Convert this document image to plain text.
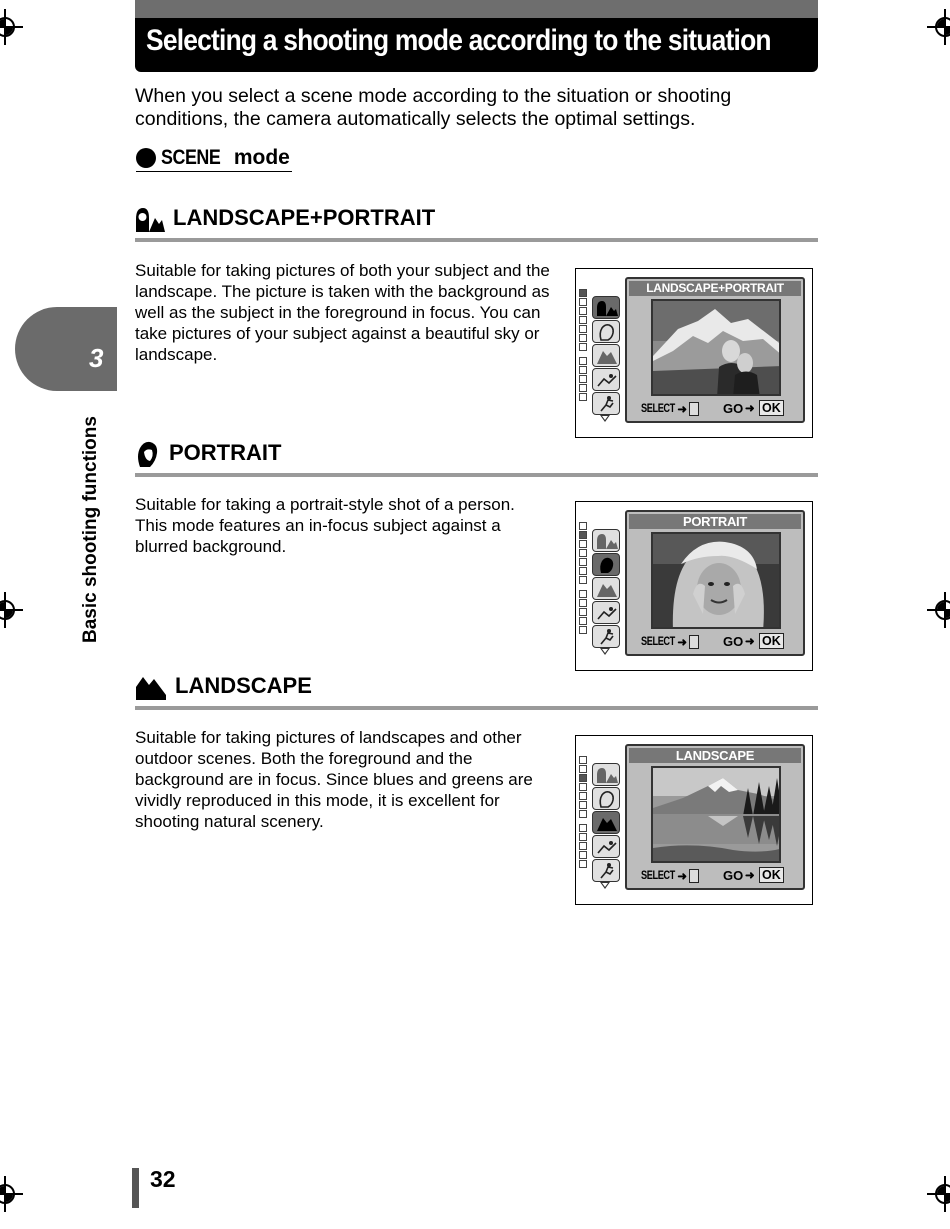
Selecting a shooting mode according to the situation

When you select a scene mode according to the situation or shooting conditions, the camera automatically selects the optimal settings.

SCENE mode
3
Basic shooting functions
LANDSCAPE+PORTRAIT

Suitable for taking pictures of both your subject and the landscape. The picture is taken with the background as well as the subject in the foreground in focus. You can take pictures of your subject against a beautiful sky or landscape.

LANDSCAPE+PORTRAIT
SELECT ➜	GO ➜ OK
PORTRAIT

Suitable for taking a portrait-style shot of a person. This mode features an in-focus subject against a blurred background.

PORTRAIT
SELECT ➜	GO ➜ OK
LANDSCAPE

Suitable for taking pictures of landscapes and other outdoor scenes. Both the foreground and the background are in focus. Since blues and greens are vividly reproduced in this mode, it is excellent for shooting natural scenery.

LANDSCAPE
SELECT ➜	GO ➜ OK
32
